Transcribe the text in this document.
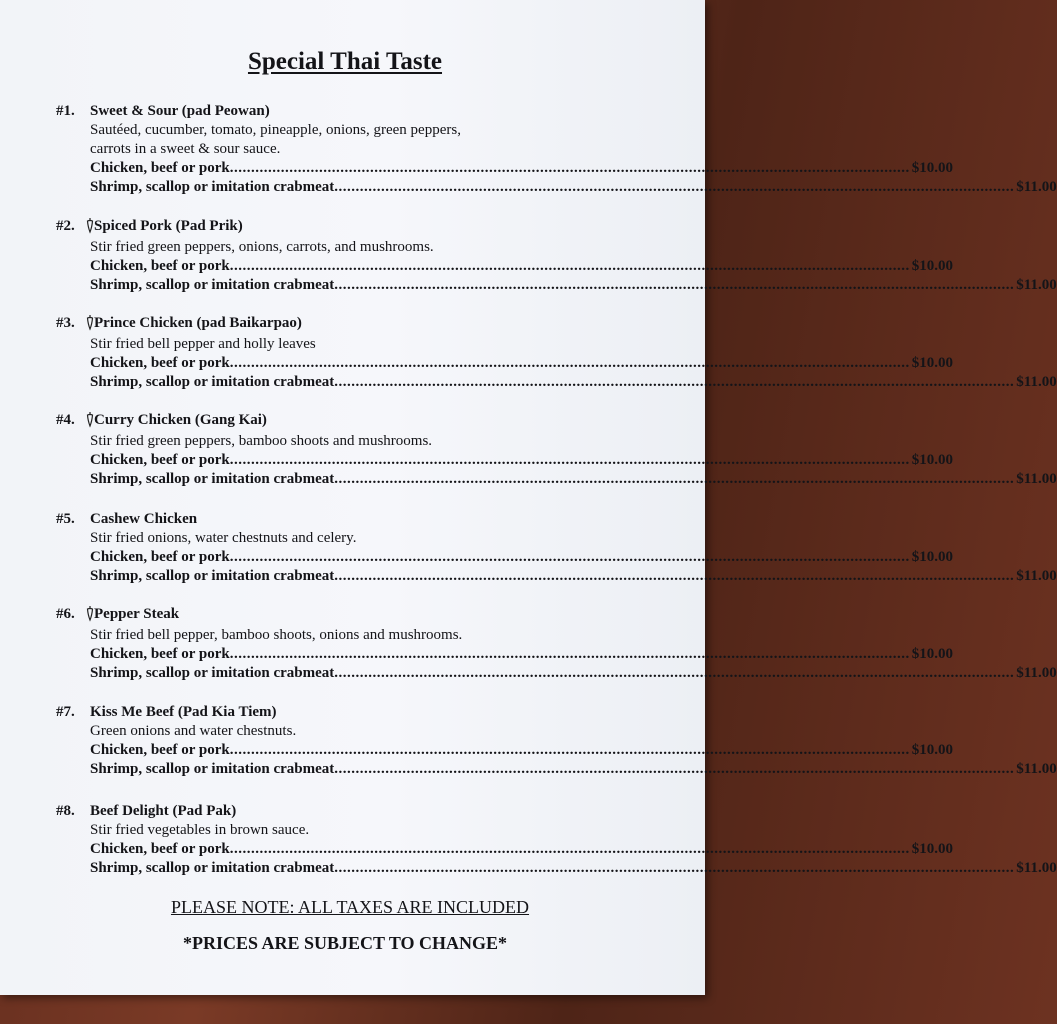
Special Thai Taste
#1.	Sweet & Sour (pad Peowan)
Sautéed, cucumber, tomato, pineapple, onions, green peppers,
carrots in a sweet & sour sauce.
Chicken, beef or pork ................................................................................................................................................................ $10.00
Shrimp, scallop or imitation crabmeat ................................................................................................................................................................ $11.00
#2.	Spiced Pork (Pad Prik)
Stir fried green peppers, onions, carrots, and mushrooms.
Chicken, beef or pork ................................................................................................................................................................ $10.00
Shrimp, scallop or imitation crabmeat ................................................................................................................................................................ $11.00
#3.	Prince Chicken (pad Baikarpao)
Stir fried bell pepper and holly leaves
Chicken, beef or pork ................................................................................................................................................................ $10.00
Shrimp, scallop or imitation crabmeat ................................................................................................................................................................ $11.00
#4.	Curry Chicken (Gang Kai)
Stir fried green peppers, bamboo shoots and mushrooms.
Chicken, beef or pork ................................................................................................................................................................ $10.00
Shrimp, scallop or imitation crabmeat ................................................................................................................................................................ $11.00
#5.	Cashew Chicken
Stir fried onions, water chestnuts and celery.
Chicken, beef or pork ................................................................................................................................................................ $10.00
Shrimp, scallop or imitation crabmeat ................................................................................................................................................................ $11.00
#6.	Pepper Steak
Stir fried bell pepper, bamboo shoots, onions and mushrooms.
Chicken, beef or pork ................................................................................................................................................................ $10.00
Shrimp, scallop or imitation crabmeat ................................................................................................................................................................ $11.00
#7.	Kiss Me Beef (Pad Kia Tiem)
Green onions and water chestnuts.
Chicken, beef or pork ................................................................................................................................................................ $10.00
Shrimp, scallop or imitation crabmeat ................................................................................................................................................................ $11.00
#8.	Beef Delight (Pad Pak)
Stir fried vegetables in brown sauce.
Chicken, beef or pork ................................................................................................................................................................ $10.00
Shrimp, scallop or imitation crabmeat ................................................................................................................................................................ $11.00
PLEASE NOTE: ALL TAXES ARE INCLUDED
*PRICES ARE SUBJECT TO CHANGE*
